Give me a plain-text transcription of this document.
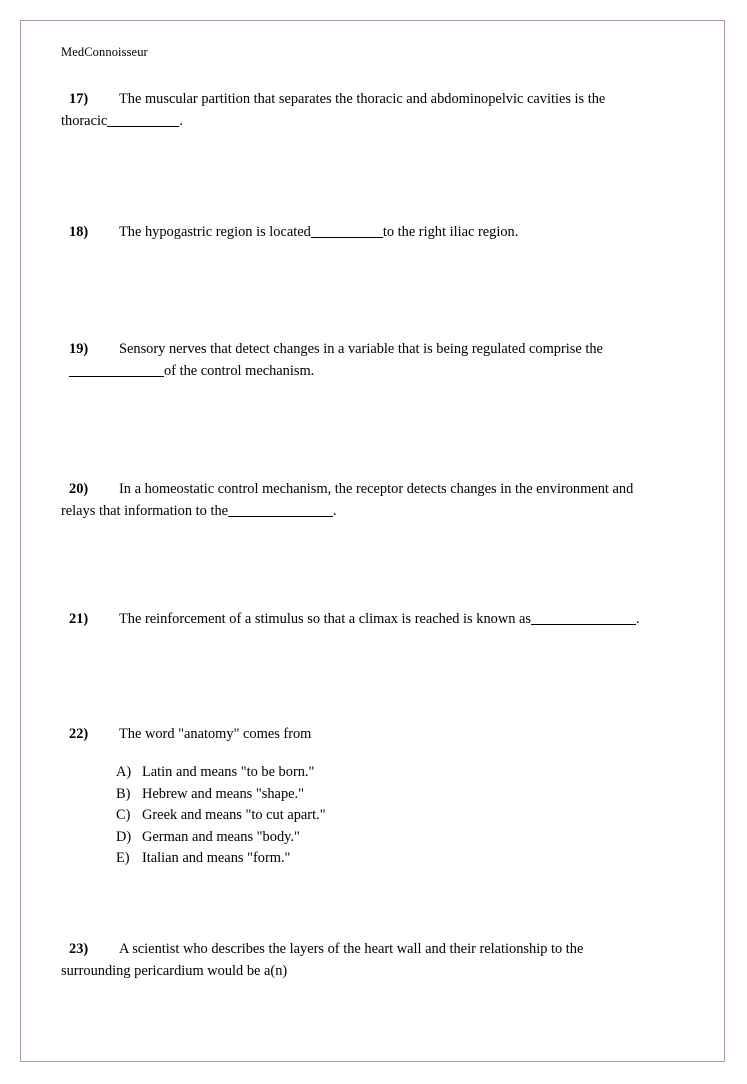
MedConnoisseur
17) The muscular partition that separates the thoracic and abdominopelvic cavities is the
thoracic	.
18) The hypogastric region is located	to the right iliac region.
19) Sensory nerves that detect changes in a variable that is being regulated comprise the
of the control mechanism.
20) In a homeostatic control mechanism, the receptor detects changes in the environment and
relays that information to the	.
21) The reinforcement of a stimulus so that a climax is reached is known as	.
22) The word "anatomy" comes from
A) Latin and means "to be born."
B) Hebrew and means "shape."
C) Greek and means "to cut apart."
D) German and means "body."
E) Italian and means "form."
23) A scientist who describes the layers of the heart wall and their relationship to the
surrounding pericardium would be a(n)
